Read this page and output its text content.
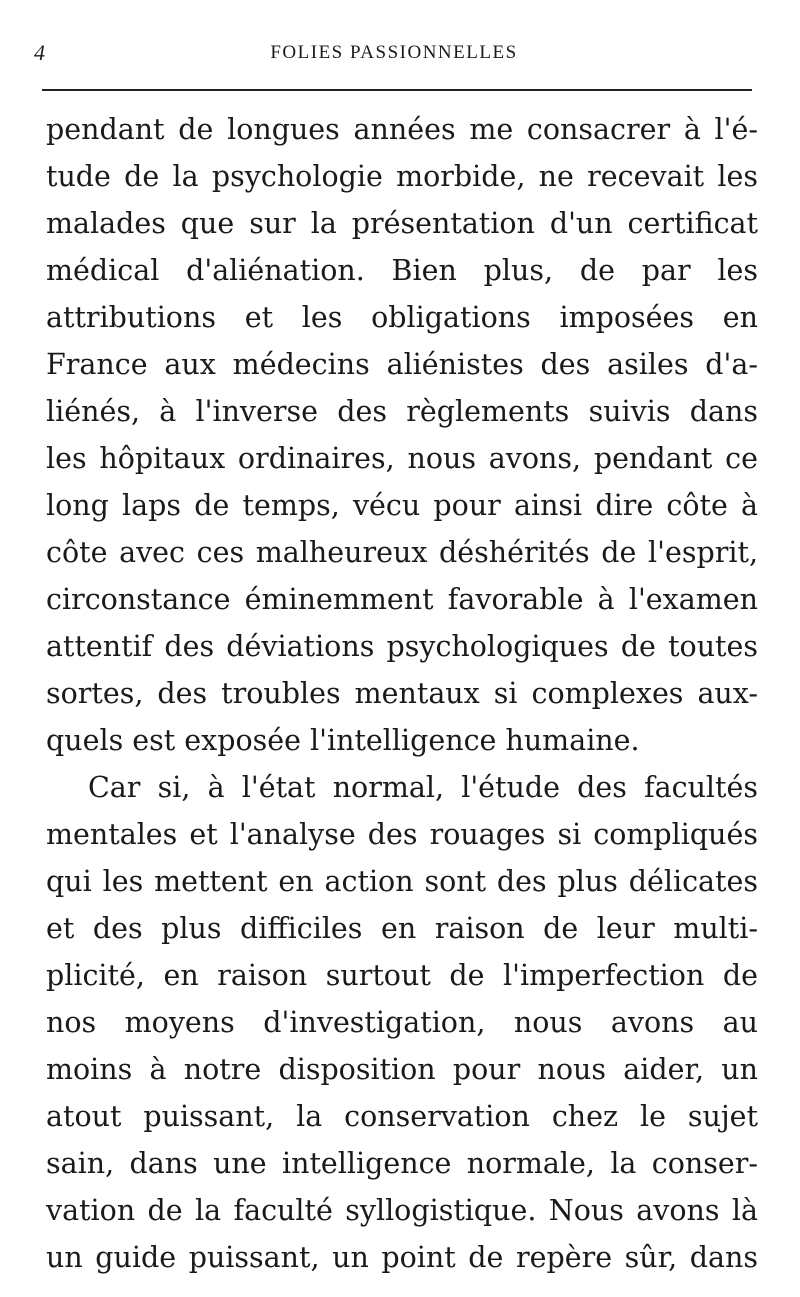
4	FOLIES PASSIONNELLES
pendant de longues années me consacrer à l'é-
tude de la psychologie morbide, ne recevait les
malades que sur la présentation d'un certificat
médical d'aliénation. Bien plus, de par les
attributions et les obligations imposées en
France aux médecins aliénistes des asiles d'a-
liénés, à l'inverse des règlements suivis dans
les hôpitaux ordinaires, nous avons, pendant ce
long laps de temps, vécu pour ainsi dire côte à
côte avec ces malheureux déshérités de l'esprit,
circonstance éminemment favorable à l'examen
attentif des déviations psychologiques de toutes
sortes, des troubles mentaux si complexes aux-
quels est exposée l'intelligence humaine.
Car si, à l'état normal, l'étude des facultés
mentales et l'analyse des rouages si compliqués
qui les mettent en action sont des plus délicates
et des plus difficiles en raison de leur multi-
plicité, en raison surtout de l'imperfection de
nos moyens d'investigation, nous avons au
moins à notre disposition pour nous aider, un
atout puissant, la conservation chez le sujet
sain, dans une intelligence normale, la conser-
vation de la faculté syllogistique. Nous avons là
un guide puissant, un point de repère sûr, dans
